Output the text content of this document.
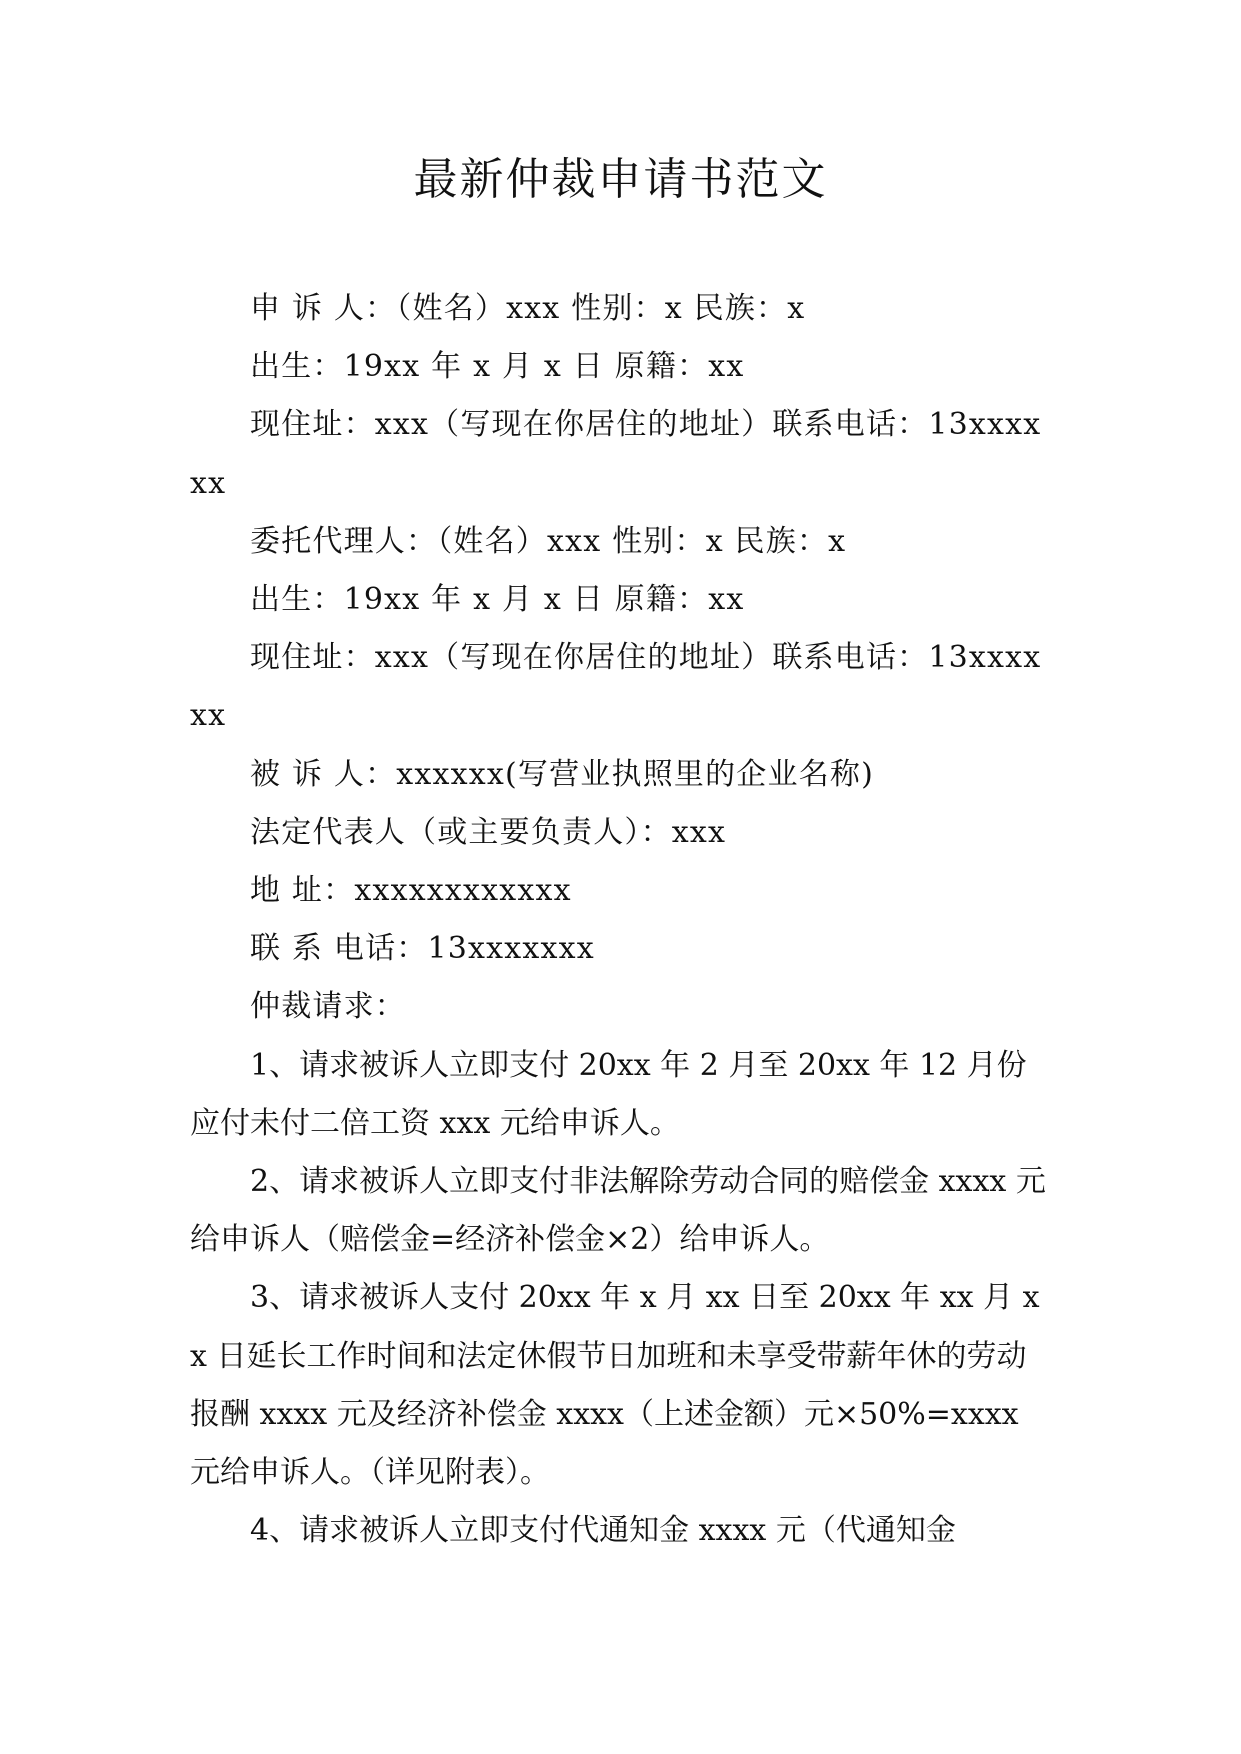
最新仲裁申请书范文

申 诉 人：（姓名）xxx 性别：x 民族：x

出生：19xx 年 x 月 x 日 原籍：xx

现住址：xxx（写现在你居住的地址）联系电话：13xxxxxx

委托代理人：（姓名）xxx 性别：x 民族：x

出生：19xx 年 x 月 x 日 原籍：xx

现住址：xxx（写现在你居住的地址）联系电话：13xxxxxx

被 诉 人：xxxxxx(写营业执照里的企业名称)

法定代表人（或主要负责人）：xxx

地 址：xxxxxxxxxxxx

联 系 电话：13xxxxxxx

仲裁请求：

1、请求被诉人立即支付 20xx 年 2 月至 20xx 年 12 月份应付未付二倍工资 xxx 元给申诉人。

2、请求被诉人立即支付非法解除劳动合同的赔偿金 xxxx 元给申诉人（赔偿金=经济补偿金×2）给申诉人。

3、请求被诉人支付 20xx 年 x 月 xx 日至 20xx 年 xx 月 xx 日延长工作时间和法定休假节日加班和未享受带薪年休的劳动报酬 xxxx 元及经济补偿金 xxxx（上述金额）元×50%=xxxx 元给申诉人。（详见附表）。

4、请求被诉人立即支付代通知金 xxxx 元（代通知金
